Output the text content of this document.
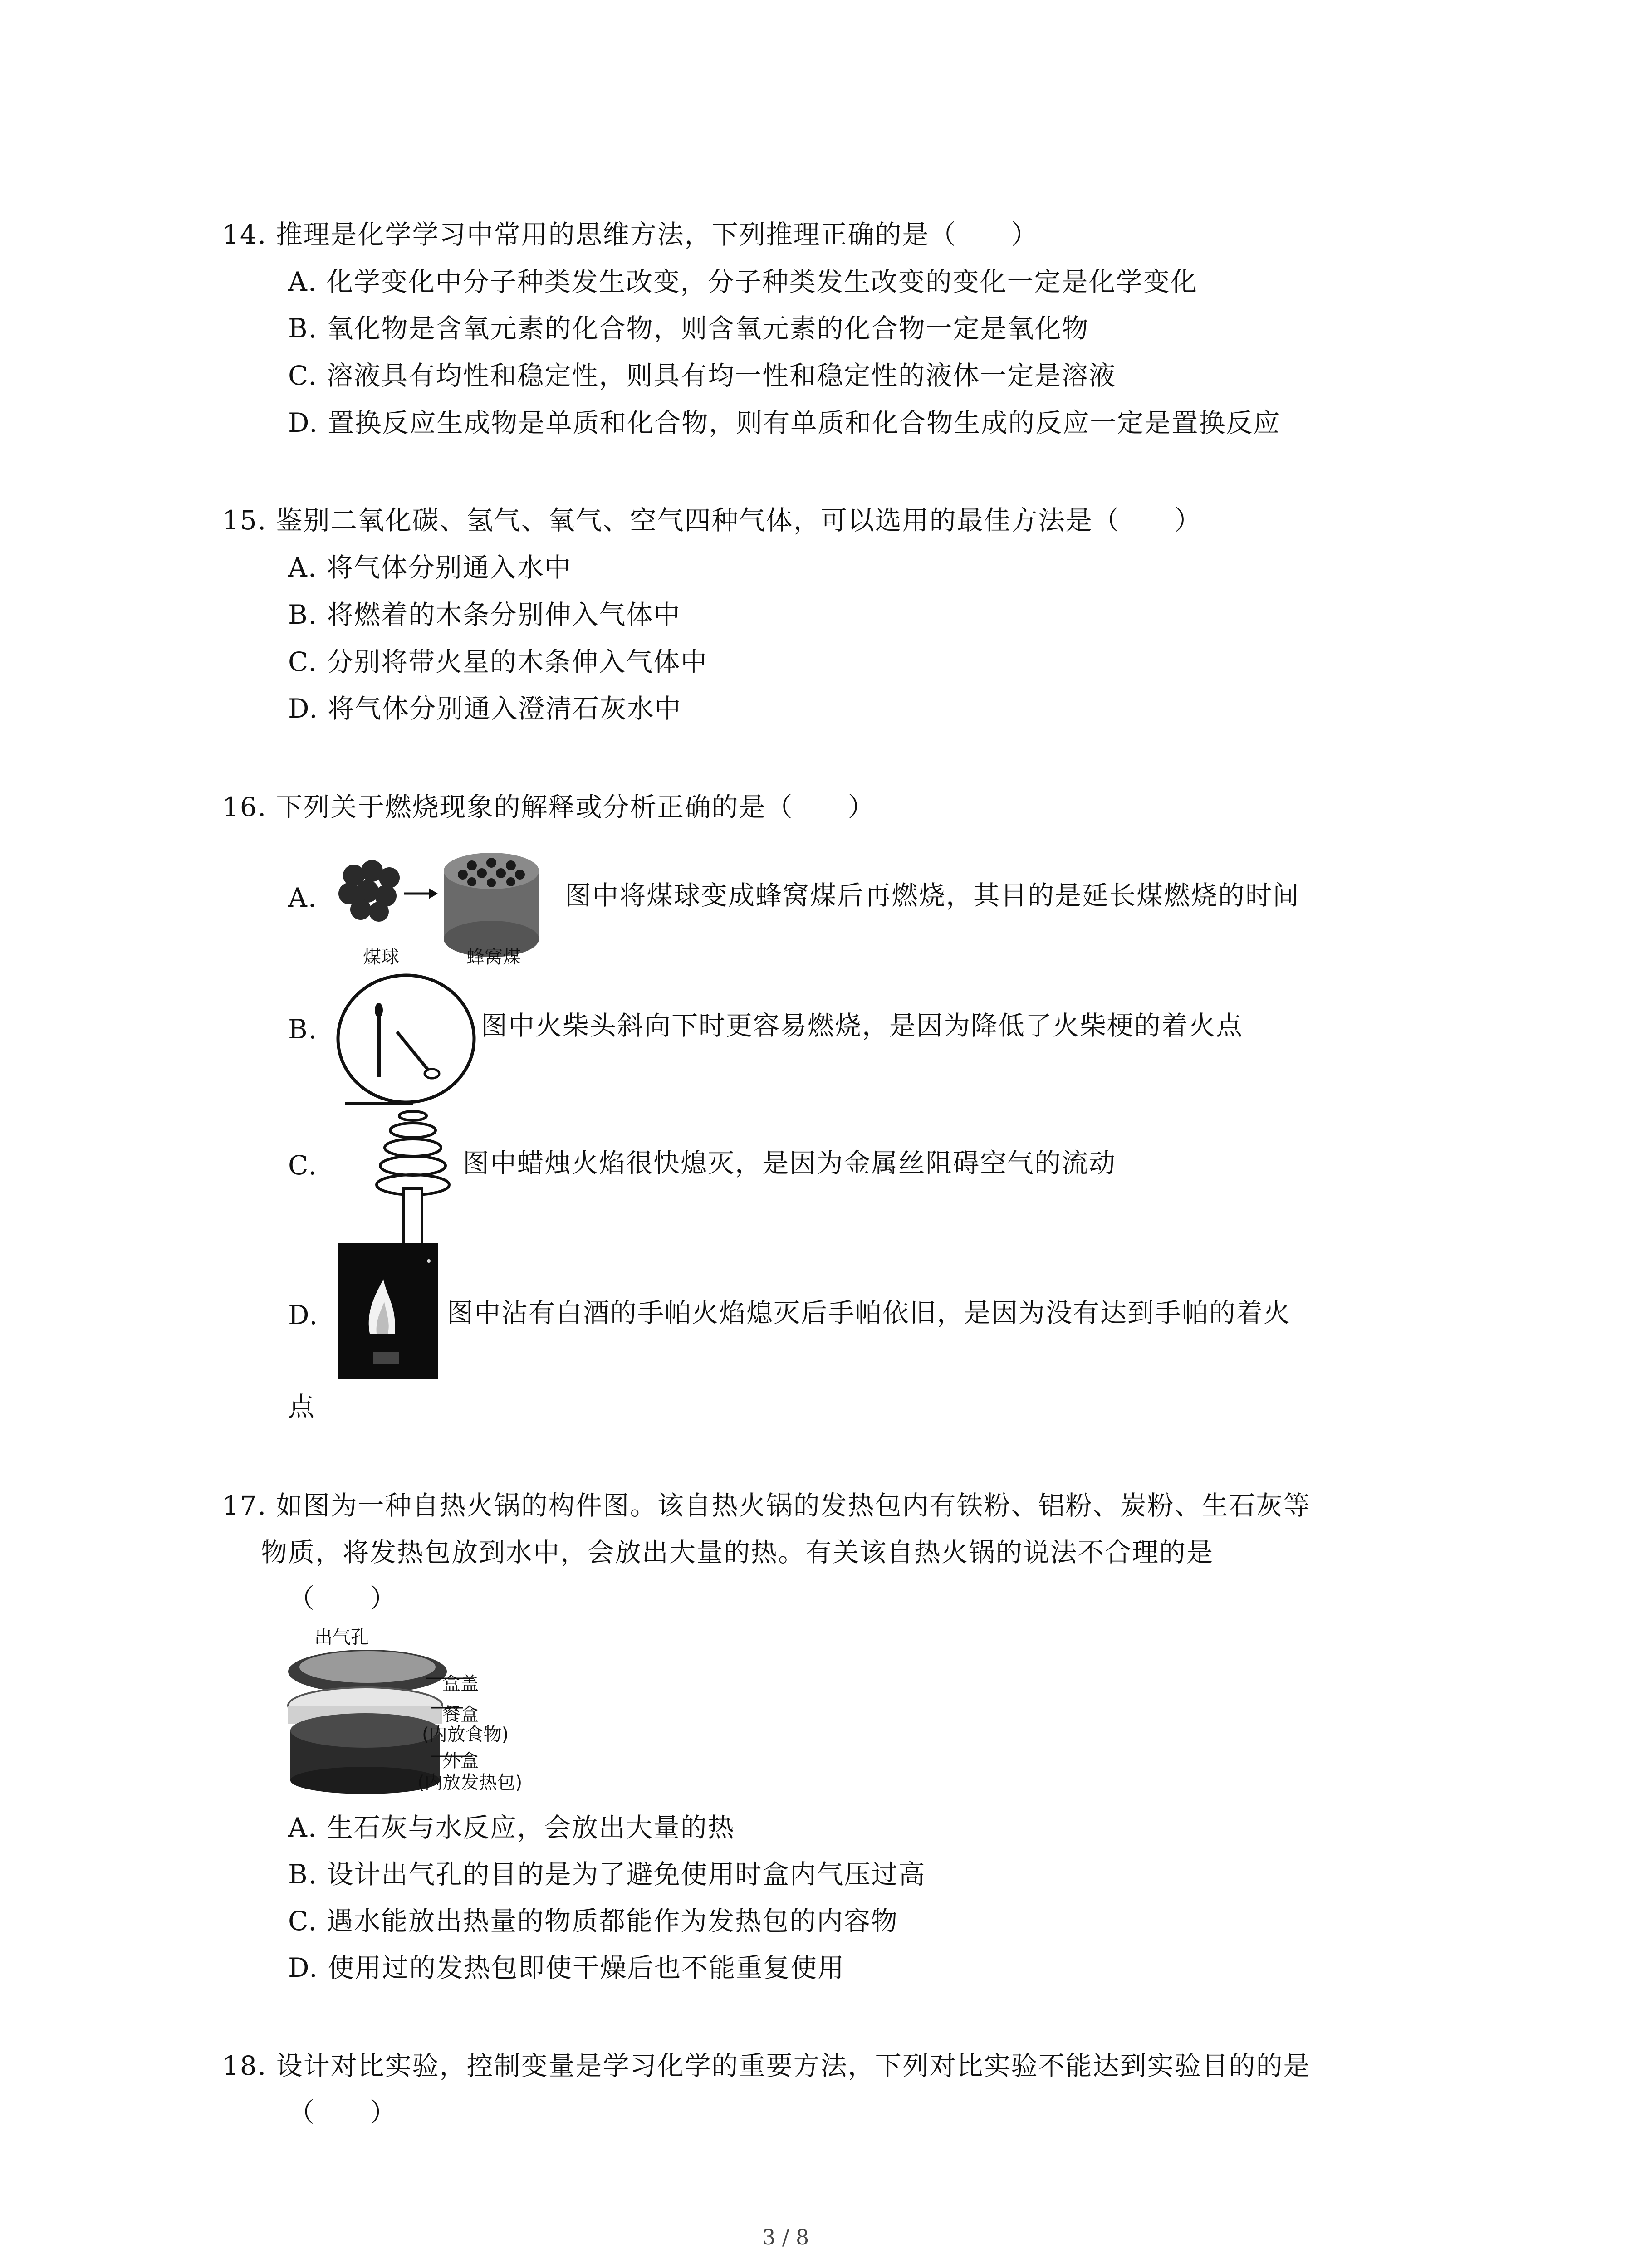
14. 推理是化学学习中常用的思维方法，下列推理正确的是（　　）
A. 化学变化中分子种类发生改变，分子种类发生改变的变化一定是化学变化
B. 氧化物是含氧元素的化合物，则含氧元素的化合物一定是氧化物
C. 溶液具有均性和稳定性，则具有均一性和稳定性的液体一定是溶液
D. 置换反应生成物是单质和化合物，则有单质和化合物生成的反应一定是置换反应
15. 鉴别二氧化碳、氢气、氧气、空气四种气体，可以选用的最佳方法是（　　）
A. 将气体分别通入水中
B. 将燃着的木条分别伸入气体中
C. 分别将带火星的木条伸入气体中
D. 将气体分别通入澄清石灰水中
16. 下列关于燃烧现象的解释或分析正确的是（　　）
A.
煤球	蜂窝煤
图中将煤球变成蜂窝煤后再燃烧，其目的是延长煤燃烧的时间
B.	图中火柴头斜向下时更容易燃烧，是因为降低了火柴梗的着火点
C.	图中蜡烛火焰很快熄灭，是因为金属丝阻碍空气的流动
D.	图中沾有白酒的手帕火焰熄灭后手帕依旧，是因为没有达到手帕的着火
点
17. 如图为一种自热火锅的构件图。该自热火锅的发热包内有铁粉、铝粉、炭粉、生石灰等
物质，将发热包放到水中，会放出大量的热。有关该自热火锅的说法不合理的是
（　　）
出气孔
盒盖
餐盒
(内放食物)
外盒
(内放发热包)
A. 生石灰与水反应，会放出大量的热
B. 设计出气孔的目的是为了避免使用时盒内气压过高
C. 遇水能放出热量的物质都能作为发热包的内容物
D. 使用过的发热包即使干燥后也不能重复使用
18. 设计对比实验，控制变量是学习化学的重要方法，下列对比实验不能达到实验目的的是
（　　）
3 / 8
